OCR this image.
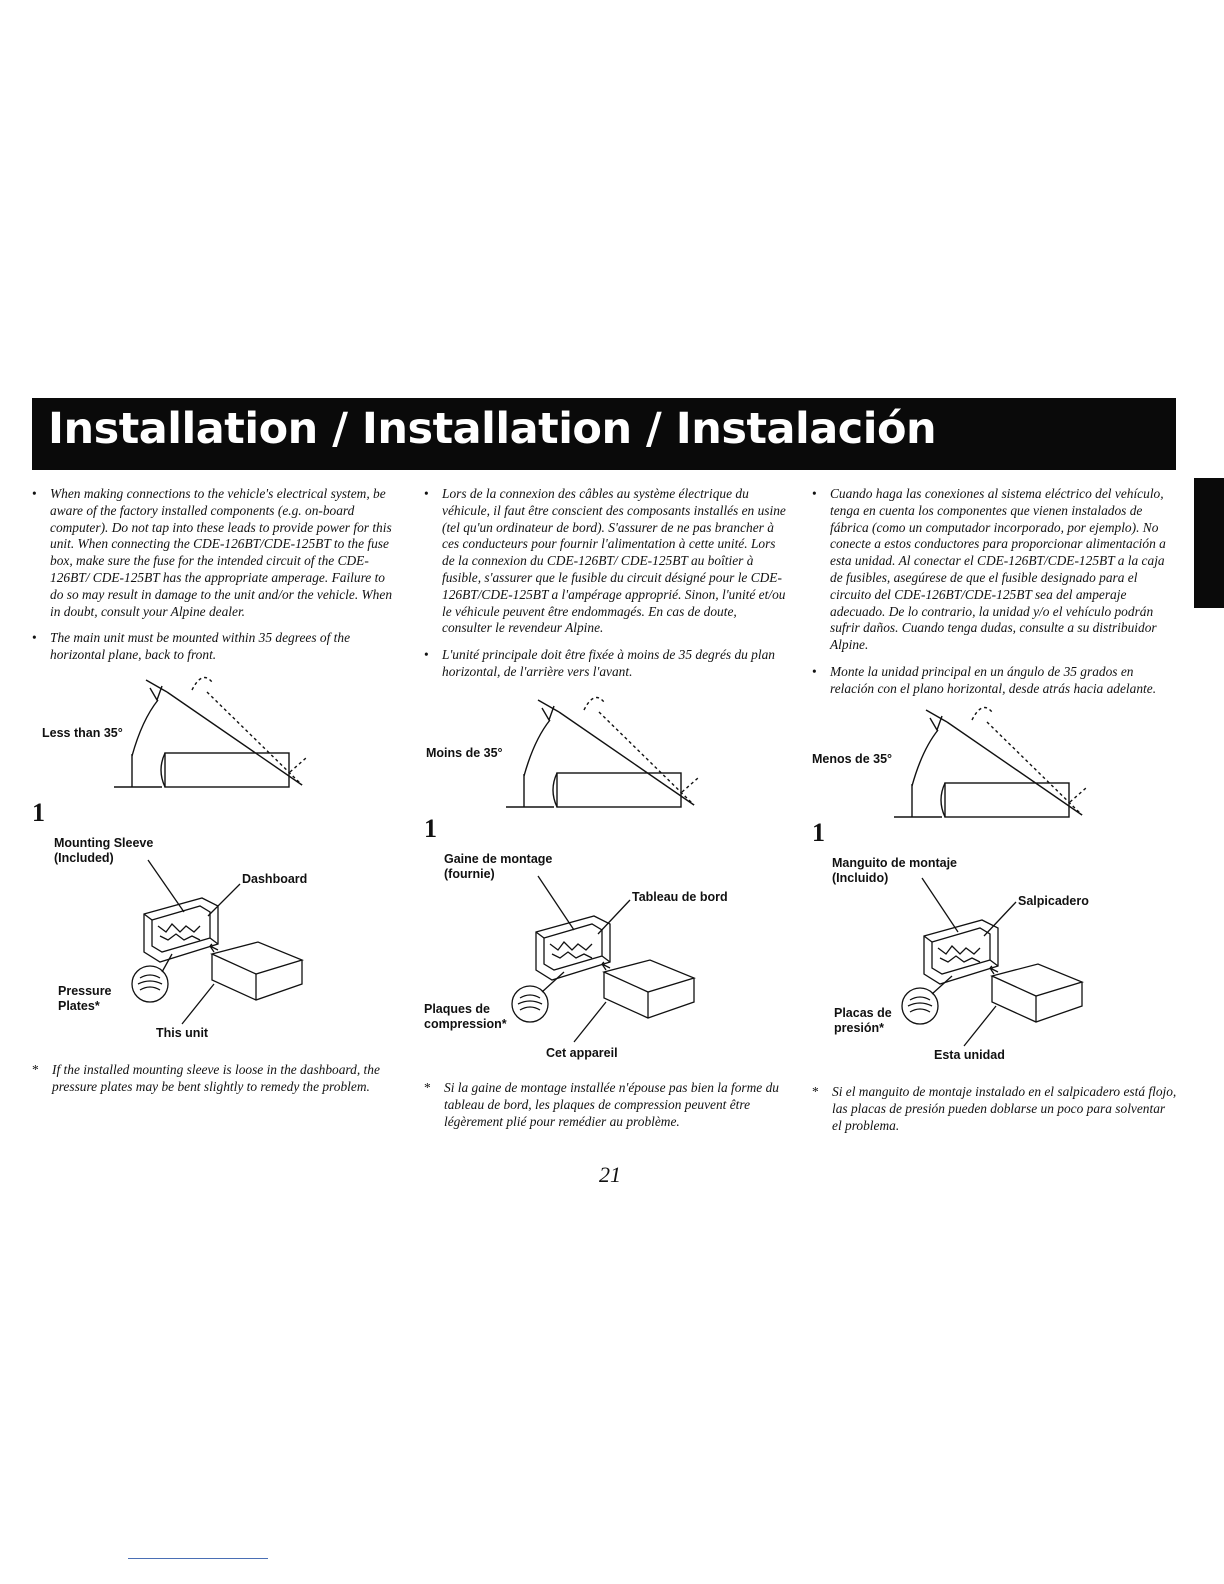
Installation / Installation / Instalación
• When making connections to the vehicle's electrical system, be aware of the factory installed components (e.g. on-board computer). Do not tap into these leads to provide power for this unit. When connecting the CDE-126BT/CDE-125BT to the fuse box, make sure the fuse for the intended circuit of the CDE-126BT/ CDE-125BT has the appropriate amperage. Failure to do so may result in damage to the unit and/or the vehicle. When in doubt, consult your Alpine dealer.
• The main unit must be mounted within 35 degrees of the horizontal plane, back to front.
Less than 35°
1
Mounting Sleeve
(Included)
Dashboard
Pressure
Plates*
This unit
* If the installed mounting sleeve is loose in the dashboard, the pressure plates may be bent slightly to remedy the problem.
• Lors de la connexion des câbles au système électrique du véhicule, il faut être conscient des composants installés en usine (tel qu'un ordinateur de bord). S'assurer de ne pas brancher à ces conducteurs pour fournir l'alimentation à cette unité. Lors de la connexion du CDE-126BT/ CDE-125BT au boîtier à fusible, s'assurer que le fusible du circuit désigné pour le CDE-126BT/CDE-125BT a l'ampérage approprié. Sinon, l'unité et/ou le véhicule peuvent être endommagés. En cas de doute, consulter le revendeur Alpine.
• L'unité principale doit être fixée à moins de 35 degrés du plan horizontal, de l'arrière vers l'avant.
Moins de 35°
1
Gaine de montage
(fournie)
Tableau de bord
Plaques de
compression*
Cet appareil
* Si la gaine de montage installée n'épouse pas bien la forme du tableau de bord, les plaques de compression peuvent être légèrement plié pour remédier au problème.
• Cuando haga las conexiones al sistema eléctrico del vehículo, tenga en cuenta los componentes que vienen instalados de fábrica (como un computador incorporado, por ejemplo). No conecte a estos conductores para proporcionar alimentación a esta unidad. Al conectar el CDE-126BT/CDE-125BT a la caja de fusibles, asegúrese de que el fusible designado para el circuito del CDE-126BT/CDE-125BT sea del amperaje adecuado. De lo contrario, la unidad y/o el vehículo podrán sufrir daños. Cuando tenga dudas, consulte a su distribuidor Alpine.
• Monte la unidad principal en un ángulo de 35 grados en relación con el plano horizontal, desde atrás hacia adelante.
Menos de 35°
1
Manguito de montaje
(Incluido)
Salpicadero
Placas de
presión*
Esta unidad
* Si el manguito de montaje instalado en el salpicadero está flojo, las placas de presión pueden doblarse un poco para solventar el problema.
21
